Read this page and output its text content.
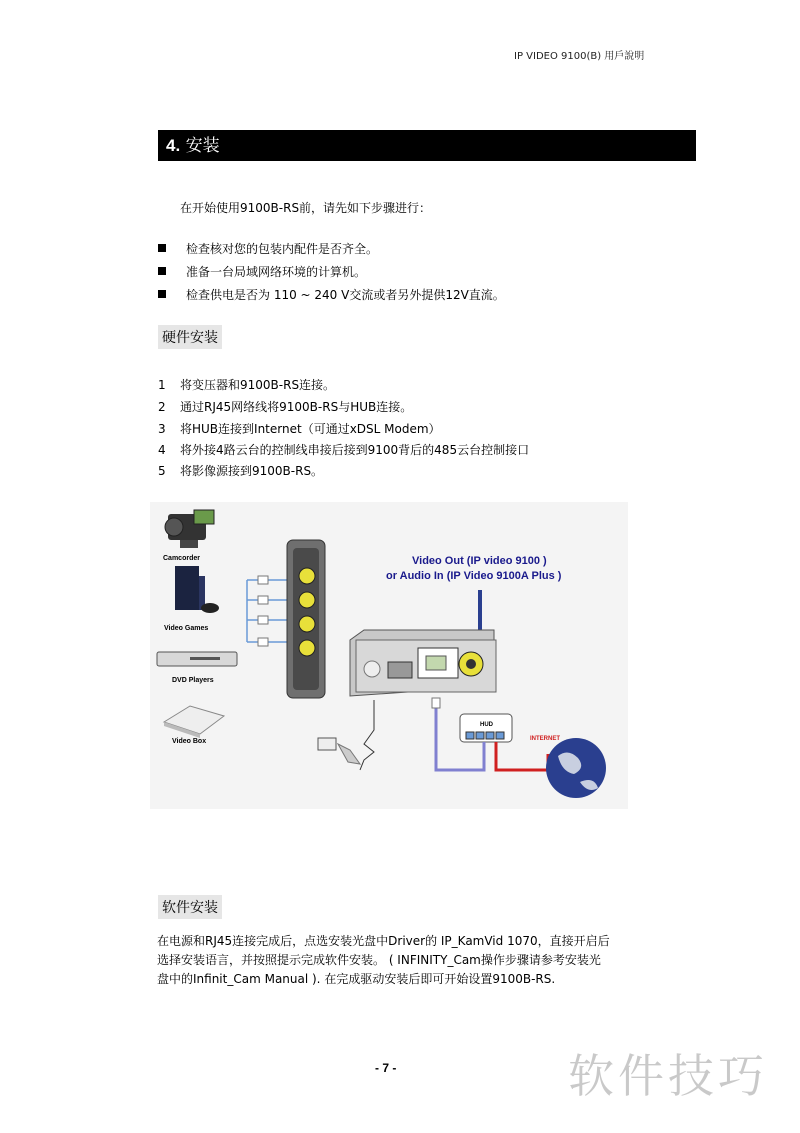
IP VIDEO 9100(B) 用戶說明
4. 安装
在开始使用9100B-RS前，请先如下步骤进行：
检查核对您的包装内配件是否齐全。
准备一台局域网络环境的计算机。
检查供电是否为 110 ~ 240 V交流或者另外提供12V直流。
硬件安装
1 将变压器和9100B-RS连接。
2 通过RJ45网络线将9100B-RS与HUB连接。
3 将HUB连接到Internet（可通过xDSL Modem）
4 将外接4路云台的控制线串接后接到9100背后的485云台控制接口
5 将影像源接到9100B-RS。
Camcorder
Video Games
DVD Players
Video Box
Video Out (IP video 9100 )
or Audio In (IP Video 9100A Plus )
HUD
INTERNET
软件安装
在电源和RJ45连接完成后，点选安装光盘中Driver的 IP_KamVid 1070，直接开启后
选择安装语言，并按照提示完成软件安装。 ( INFINITY_Cam操作步骤请参考安装光
盘中的Infinit_Cam Manual ). 在完成驱动安装后即可开始设置9100B-RS.
- 7 -	软件技巧
